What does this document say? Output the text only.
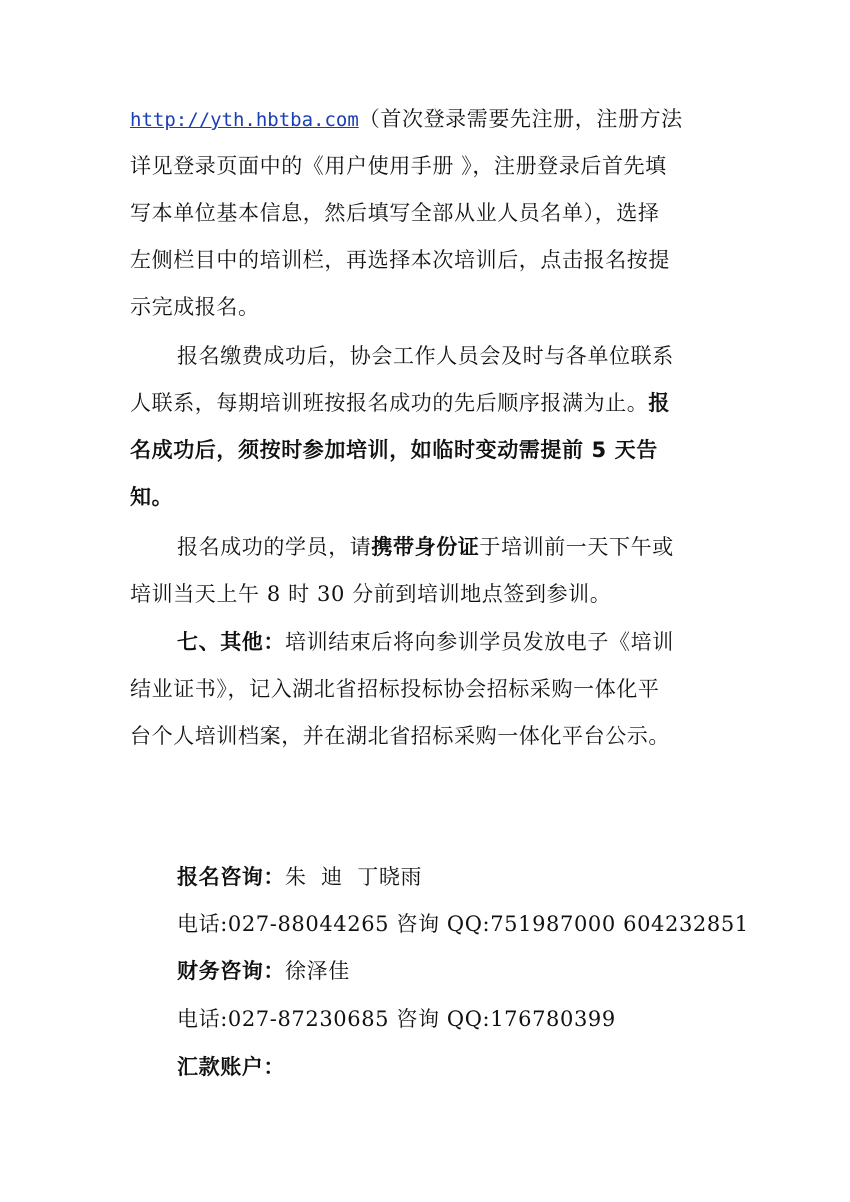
http://yth.hbtba.com（首次登录需要先注册，注册方法
详见登录页面中的《用户使用手册 》，注册登录后首先填
写本单位基本信息，然后填写全部从业人员名单），选择
左侧栏目中的培训栏，再选择本次培训后，点击报名按提
示完成报名。
报名缴费成功后，协会工作人员会及时与各单位联系
人联系，每期培训班按报名成功的先后顺序报满为止。报
名成功后，须按时参加培训，如临时变动需提前 5 天告
知。
报名成功的学员，请携带身份证于培训前一天下午或
培训当天上午 8 时 30 分前到培训地点签到参训。
七、其他：培训结束后将向参训学员发放电子《培训
结业证书》，记入湖北省招标投标协会招标采购一体化平
台个人培训档案，并在湖北省招标采购一体化平台公示。
报名咨询：朱  迪  丁晓雨
电话:027-88044265 咨询 QQ:751987000 604232851
财务咨询：徐泽佳
电话:027-87230685 咨询 QQ:176780399
汇款账户：
